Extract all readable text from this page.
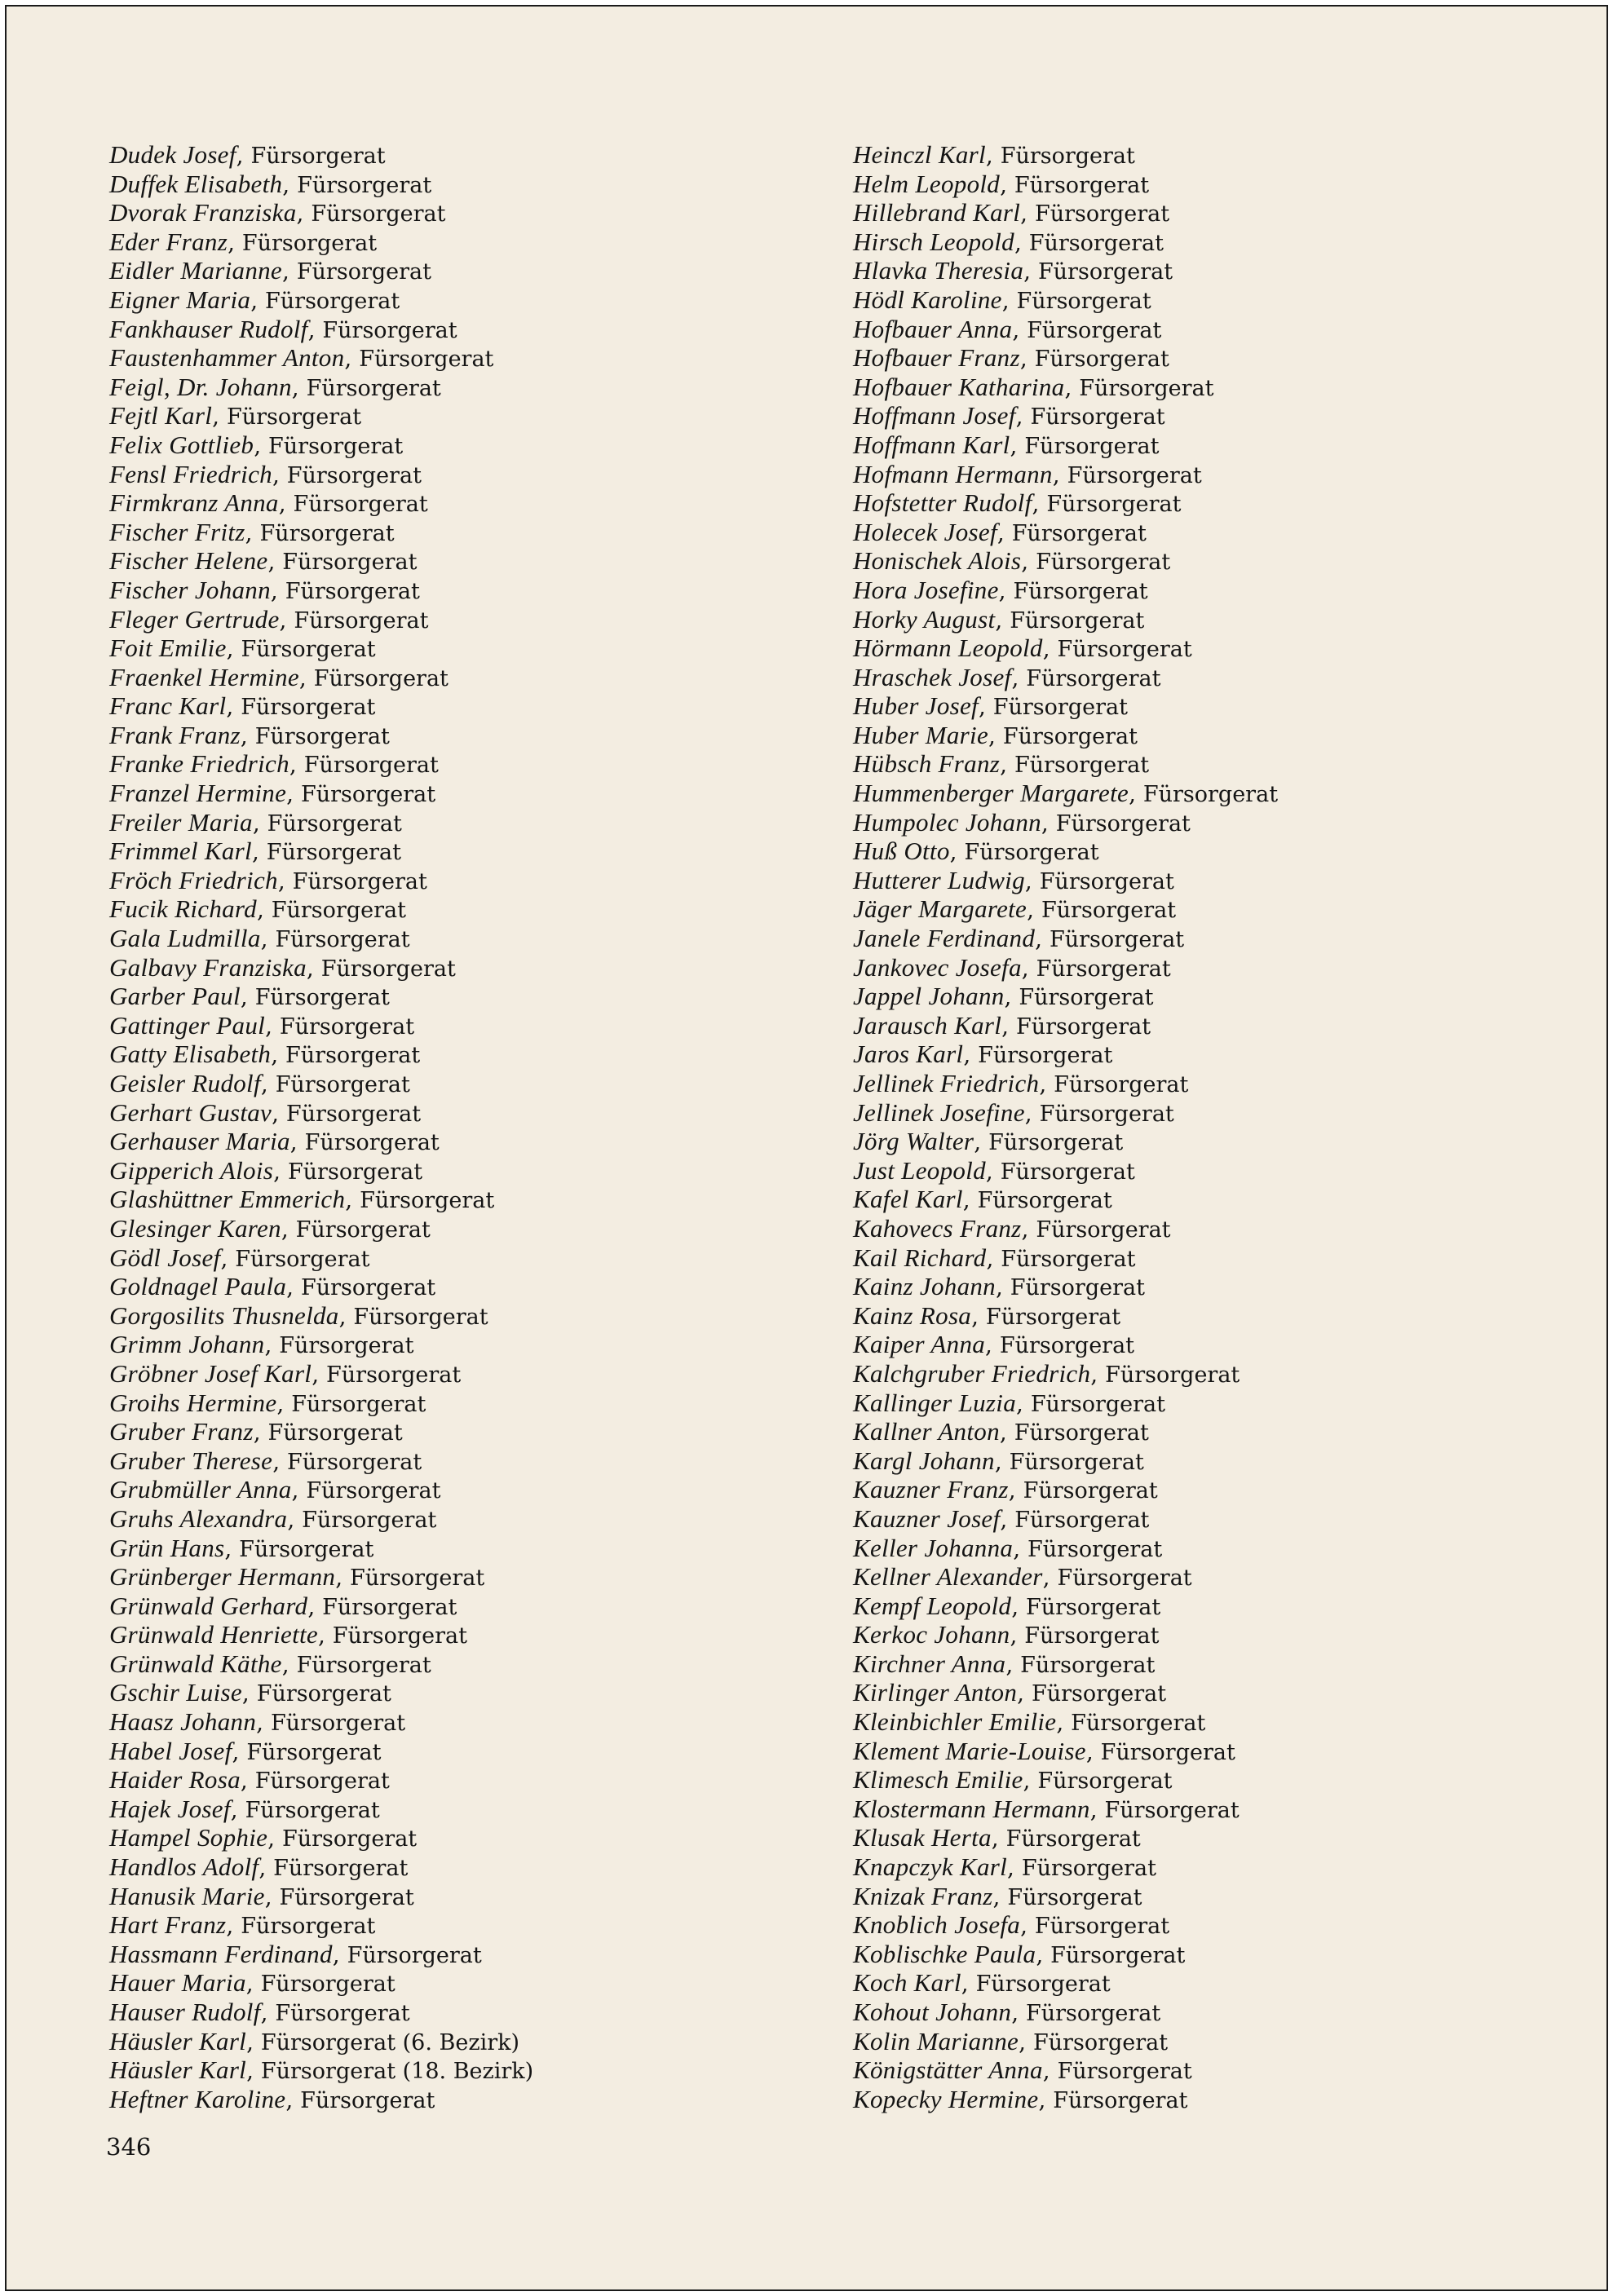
Dudek Josef, Fürsorgerat
Duffek Elisabeth, Fürsorgerat
Dvorak Franziska, Fürsorgerat
Eder Franz, Fürsorgerat
Eidler Marianne, Fürsorgerat
Eigner Maria, Fürsorgerat
Fankhauser Rudolf, Fürsorgerat
Faustenhammer Anton, Fürsorgerat
Feigl, Dr. Johann, Fürsorgerat
Fejtl Karl, Fürsorgerat
Felix Gottlieb, Fürsorgerat
Fensl Friedrich, Fürsorgerat
Firmkranz Anna, Fürsorgerat
Fischer Fritz, Fürsorgerat
Fischer Helene, Fürsorgerat
Fischer Johann, Fürsorgerat
Fleger Gertrude, Fürsorgerat
Foit Emilie, Fürsorgerat
Fraenkel Hermine, Fürsorgerat
Franc Karl, Fürsorgerat
Frank Franz, Fürsorgerat
Franke Friedrich, Fürsorgerat
Franzel Hermine, Fürsorgerat
Freiler Maria, Fürsorgerat
Frimmel Karl, Fürsorgerat
Fröch Friedrich, Fürsorgerat
Fucik Richard, Fürsorgerat
Gala Ludmilla, Fürsorgerat
Galbavy Franziska, Fürsorgerat
Garber Paul, Fürsorgerat
Gattinger Paul, Fürsorgerat
Gatty Elisabeth, Fürsorgerat
Geisler Rudolf, Fürsorgerat
Gerhart Gustav, Fürsorgerat
Gerhauser Maria, Fürsorgerat
Gipperich Alois, Fürsorgerat
Glashüttner Emmerich, Fürsorgerat
Glesinger Karen, Fürsorgerat
Gödl Josef, Fürsorgerat
Goldnagel Paula, Fürsorgerat
Gorgosilits Thusnelda, Fürsorgerat
Grimm Johann, Fürsorgerat
Gröbner Josef Karl, Fürsorgerat
Groihs Hermine, Fürsorgerat
Gruber Franz, Fürsorgerat
Gruber Therese, Fürsorgerat
Grubmüller Anna, Fürsorgerat
Gruhs Alexandra, Fürsorgerat
Grün Hans, Fürsorgerat
Grünberger Hermann, Fürsorgerat
Grünwald Gerhard, Fürsorgerat
Grünwald Henriette, Fürsorgerat
Grünwald Käthe, Fürsorgerat
Gschir Luise, Fürsorgerat
Haasz Johann, Fürsorgerat
Habel Josef, Fürsorgerat
Haider Rosa, Fürsorgerat
Hajek Josef, Fürsorgerat
Hampel Sophie, Fürsorgerat
Handlos Adolf, Fürsorgerat
Hanusik Marie, Fürsorgerat
Hart Franz, Fürsorgerat
Hassmann Ferdinand, Fürsorgerat
Hauer Maria, Fürsorgerat
Hauser Rudolf, Fürsorgerat
Häusler Karl, Fürsorgerat (6. Bezirk)
Häusler Karl, Fürsorgerat (18. Bezirk)
Heftner Karoline, Fürsorgerat
Heinczl Karl, Fürsorgerat
Helm Leopold, Fürsorgerat
Hillebrand Karl, Fürsorgerat
Hirsch Leopold, Fürsorgerat
Hlavka Theresia, Fürsorgerat
Hödl Karoline, Fürsorgerat
Hofbauer Anna, Fürsorgerat
Hofbauer Franz, Fürsorgerat
Hofbauer Katharina, Fürsorgerat
Hoffmann Josef, Fürsorgerat
Hoffmann Karl, Fürsorgerat
Hofmann Hermann, Fürsorgerat
Hofstetter Rudolf, Fürsorgerat
Holecek Josef, Fürsorgerat
Honischek Alois, Fürsorgerat
Hora Josefine, Fürsorgerat
Horky August, Fürsorgerat
Hörmann Leopold, Fürsorgerat
Hraschek Josef, Fürsorgerat
Huber Josef, Fürsorgerat
Huber Marie, Fürsorgerat
Hübsch Franz, Fürsorgerat
Hummenberger Margarete, Fürsorgerat
Humpolec Johann, Fürsorgerat
Huß Otto, Fürsorgerat
Hutterer Ludwig, Fürsorgerat
Jäger Margarete, Fürsorgerat
Janele Ferdinand, Fürsorgerat
Jankovec Josefa, Fürsorgerat
Jappel Johann, Fürsorgerat
Jarausch Karl, Fürsorgerat
Jaros Karl, Fürsorgerat
Jellinek Friedrich, Fürsorgerat
Jellinek Josefine, Fürsorgerat
Jörg Walter, Fürsorgerat
Just Leopold, Fürsorgerat
Kafel Karl, Fürsorgerat
Kahovecs Franz, Fürsorgerat
Kail Richard, Fürsorgerat
Kainz Johann, Fürsorgerat
Kainz Rosa, Fürsorgerat
Kaiper Anna, Fürsorgerat
Kalchgruber Friedrich, Fürsorgerat
Kallinger Luzia, Fürsorgerat
Kallner Anton, Fürsorgerat
Kargl Johann, Fürsorgerat
Kauzner Franz, Fürsorgerat
Kauzner Josef, Fürsorgerat
Keller Johanna, Fürsorgerat
Kellner Alexander, Fürsorgerat
Kempf Leopold, Fürsorgerat
Kerkoc Johann, Fürsorgerat
Kirchner Anna, Fürsorgerat
Kirlinger Anton, Fürsorgerat
Kleinbichler Emilie, Fürsorgerat
Klement Marie-Louise, Fürsorgerat
Klimesch Emilie, Fürsorgerat
Klostermann Hermann, Fürsorgerat
Klusak Herta, Fürsorgerat
Knapczyk Karl, Fürsorgerat
Knizak Franz, Fürsorgerat
Knoblich Josefa, Fürsorgerat
Koblischke Paula, Fürsorgerat
Koch Karl, Fürsorgerat
Kohout Johann, Fürsorgerat
Kolin Marianne, Fürsorgerat
Königstätter Anna, Fürsorgerat
Kopecky Hermine, Fürsorgerat
346
